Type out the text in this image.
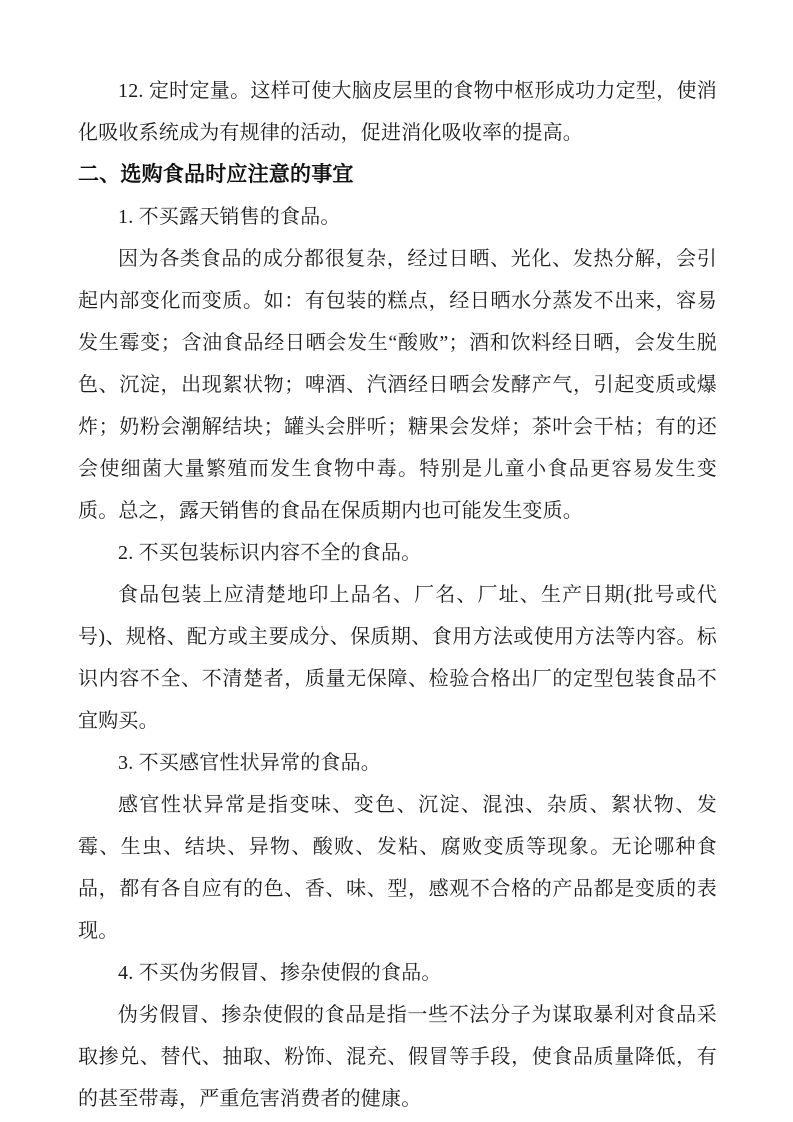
12. 定时定量。这样可使大脑皮层里的食物中枢形成功力定型，使消化吸收系统成为有规律的活动，促进消化吸收率的提高。

二、选购食品时应注意的事宜

1. 不买露天销售的食品。

因为各类食品的成分都很复杂，经过日晒、光化、发热分解，会引起内部变化而变质。如：有包装的糕点，经日晒水分蒸发不出来，容易发生霉变；含油食品经日晒会发生“酸败”；酒和饮料经日晒，会发生脱色、沉淀，出现絮状物；啤酒、汽酒经日晒会发酵产气，引起变质或爆炸；奶粉会潮解结块；罐头会胖听；糖果会发烊；茶叶会干枯；有的还会使细菌大量繁殖而发生食物中毒。特别是儿童小食品更容易发生变质。总之，露天销售的食品在保质期内也可能发生变质。

2. 不买包装标识内容不全的食品。

食品包装上应清楚地印上品名、厂名、厂址、生产日期(批号或代号)、规格、配方或主要成分、保质期、食用方法或使用方法等内容。标识内容不全、不清楚者，质量无保障、检验合格出厂的定型包装食品不宜购买。

3. 不买感官性状异常的食品。

感官性状异常是指变味、变色、沉淀、混浊、杂质、絮状物、发霉、生虫、结块、异物、酸败、发粘、腐败变质等现象。无论哪种食品，都有各自应有的色、香、味、型，感观不合格的产品都是变质的表现。

4. 不买伪劣假冒、掺杂使假的食品。

伪劣假冒、掺杂使假的食品是指一些不法分子为谋取暴利对食品采取掺兑、替代、抽取、粉饰、混充、假冒等手段，使食品质量降低，有的甚至带毒，严重危害消费者的健康。
